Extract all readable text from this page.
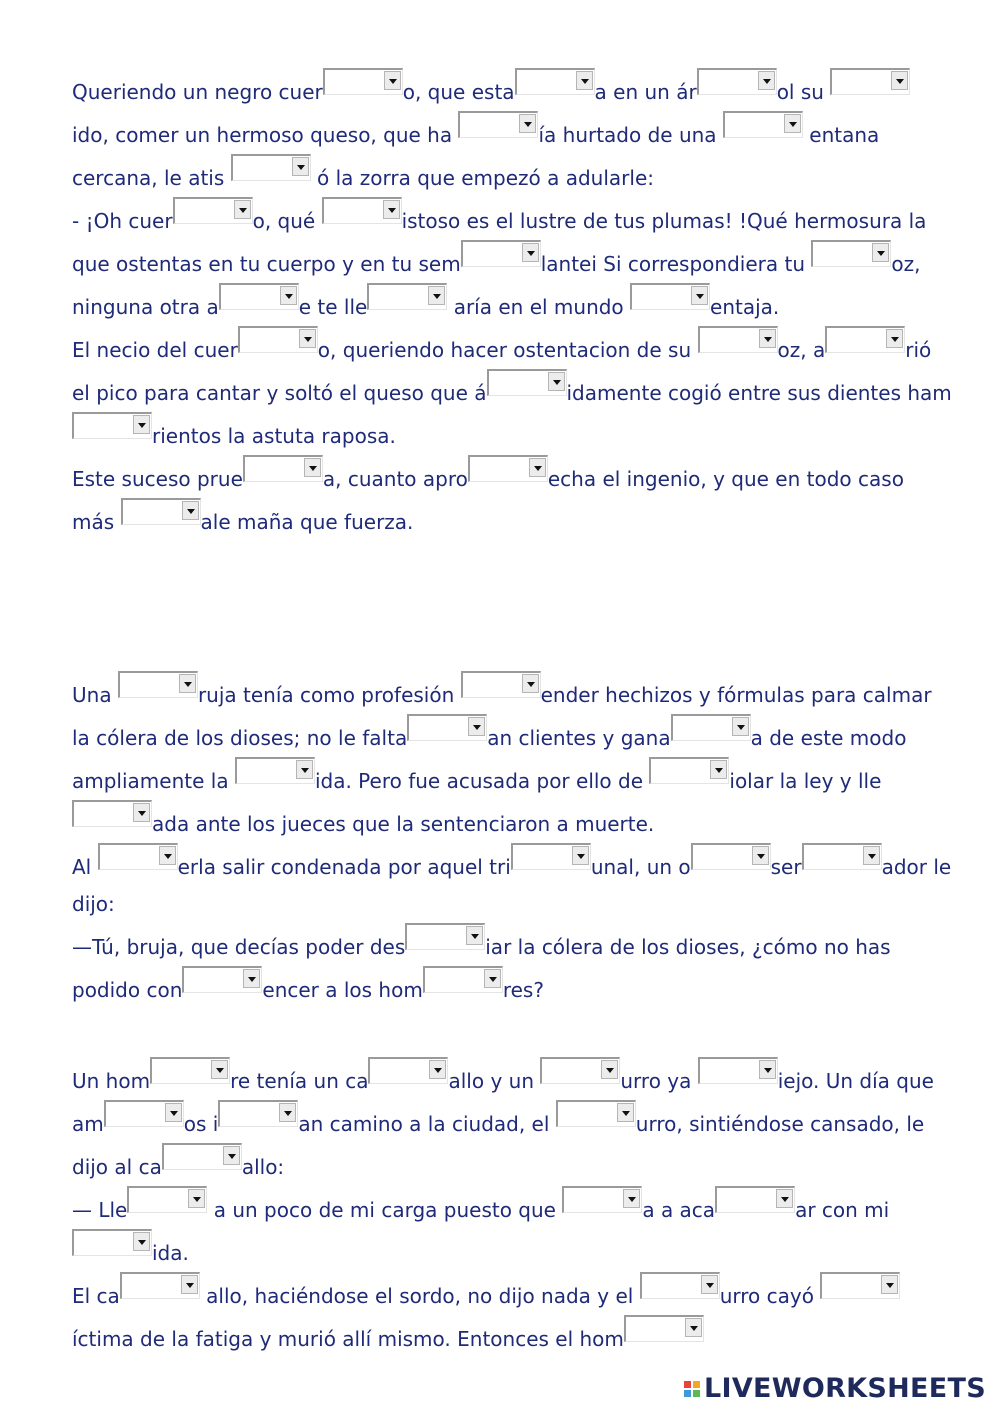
Queriendo un negro cuer	o, que esta	a en un ár	ol su
ido, comer un hermoso queso, que ha	ía hurtado de una	entana cercana, le atis	ó la zorra que empezó a adularle:

- ¡Oh cuer	o, qué	istoso es el lustre de tus plumas! !Qué hermosura la que ostentas en tu cuerpo y en tu sem	lantei Si correspondiera tu	oz, ninguna otra a	e te lle	aría en el mundo	entaja.

El necio del cuer	o, queriendo hacer ostentacion de su	oz, a	rió el pico para cantar y soltó el queso que á	idamente cogió entre sus dientes ham
rientos la astuta raposa.

Este suceso prue	a, cuanto apro	echa el ingenio, y que en todo caso más	ale maña que fuerza.

Una	ruja tenía como profesión	ender hechizos y fórmulas para calmar la cólera de los dioses; no le falta	an clientes y gana	a de este modo ampliamente la	ida. Pero fue acusada por ello de	iolar la ley y lle
ada ante los jueces que la sentenciaron a muerte.

Al	erla salir condenada por aquel tri	unal, un o	ser	ador le dijo:

—Tú, bruja, que decías poder des	iar la cólera de los dioses, ¿cómo no has podido con	encer a los hom	res?

Un hom	re tenía un ca	allo y un	urro ya	iejo. Un día que am	os i	an camino a la ciudad, el	urro, sintiéndose cansado, le dijo al ca	allo:

— Lle	a un poco de mi carga puesto que	a a aca	ar con mi
ida.

El ca	allo, haciéndose el sordo, no dijo nada y el	urro cayó
íctima de la fatiga y murió allí mismo. Entonces el hom

LIVEWORKSHEETS
